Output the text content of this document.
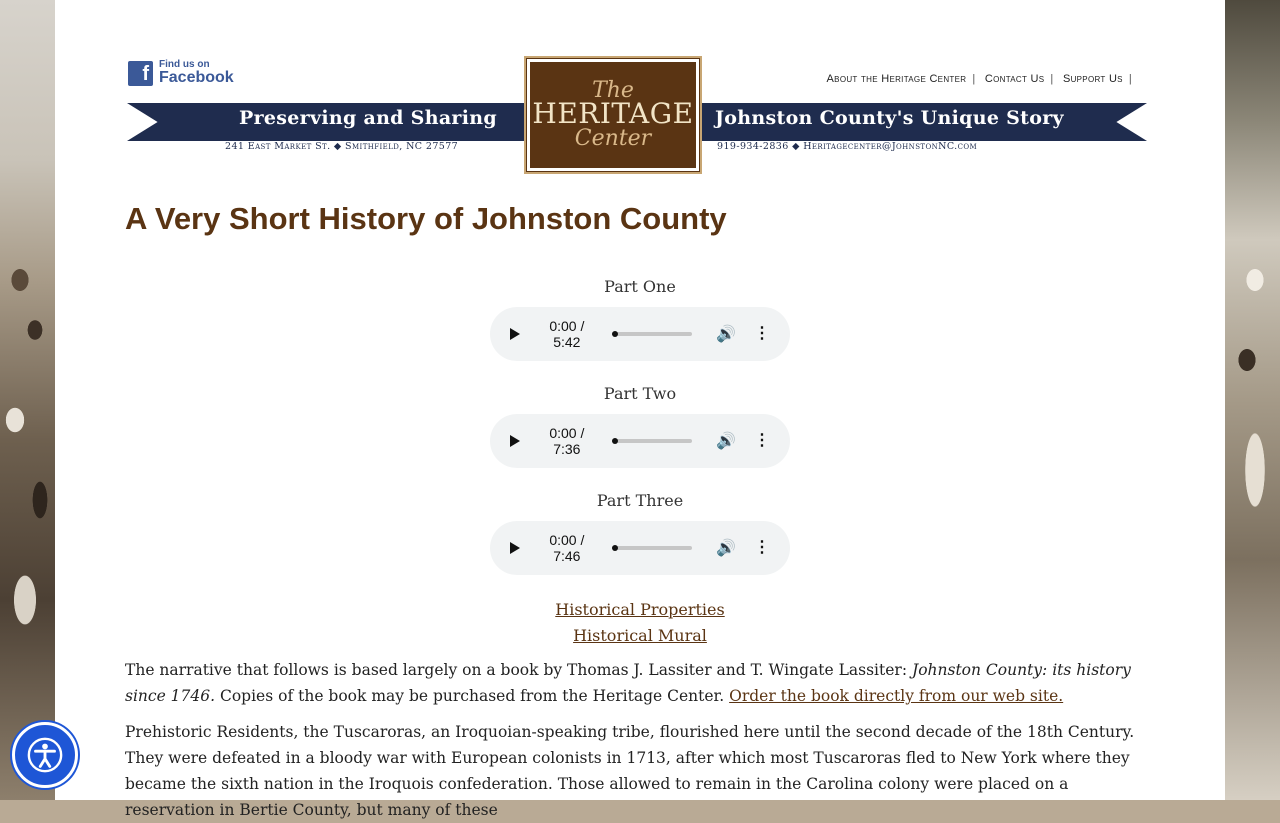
f	Find us on
Facebook	About the Heritage Center | Contact Us | Support Us |
Preserving and Sharing	Johnston County's Unique Story
241 East Market St. ◆ Smithfield, NC 27577	919-934-2836 ◆ Heritagecenter@JohnstonNC.com
The
HERITAGE
Center
A Very Short History of Johnston County

Part One

0:00 / 5:42	🔊 ⋮

Part Two

0:00 / 7:36	🔊 ⋮

Part Three

0:00 / 7:46	🔊 ⋮
Historical Properties
Historical Mural

The narrative that follows is based largely on a book by Thomas J. Lassiter and T. Wingate Lassiter: Johnston County: its history since 1746. Copies of the book may be purchased from the Heritage Center. Order the book directly from our web site.

Prehistoric Residents, the Tuscaroras, an Iroquoian-speaking tribe, flourished here until the second decade of the 18th Century. They were defeated in a bloody war with European colonists in 1713, after which most Tuscaroras fled to New York where they became the sixth nation in the Iroquois confederation. Those allowed to remain in the Carolina colony were placed on a reservation in Bertie County, but many of these
